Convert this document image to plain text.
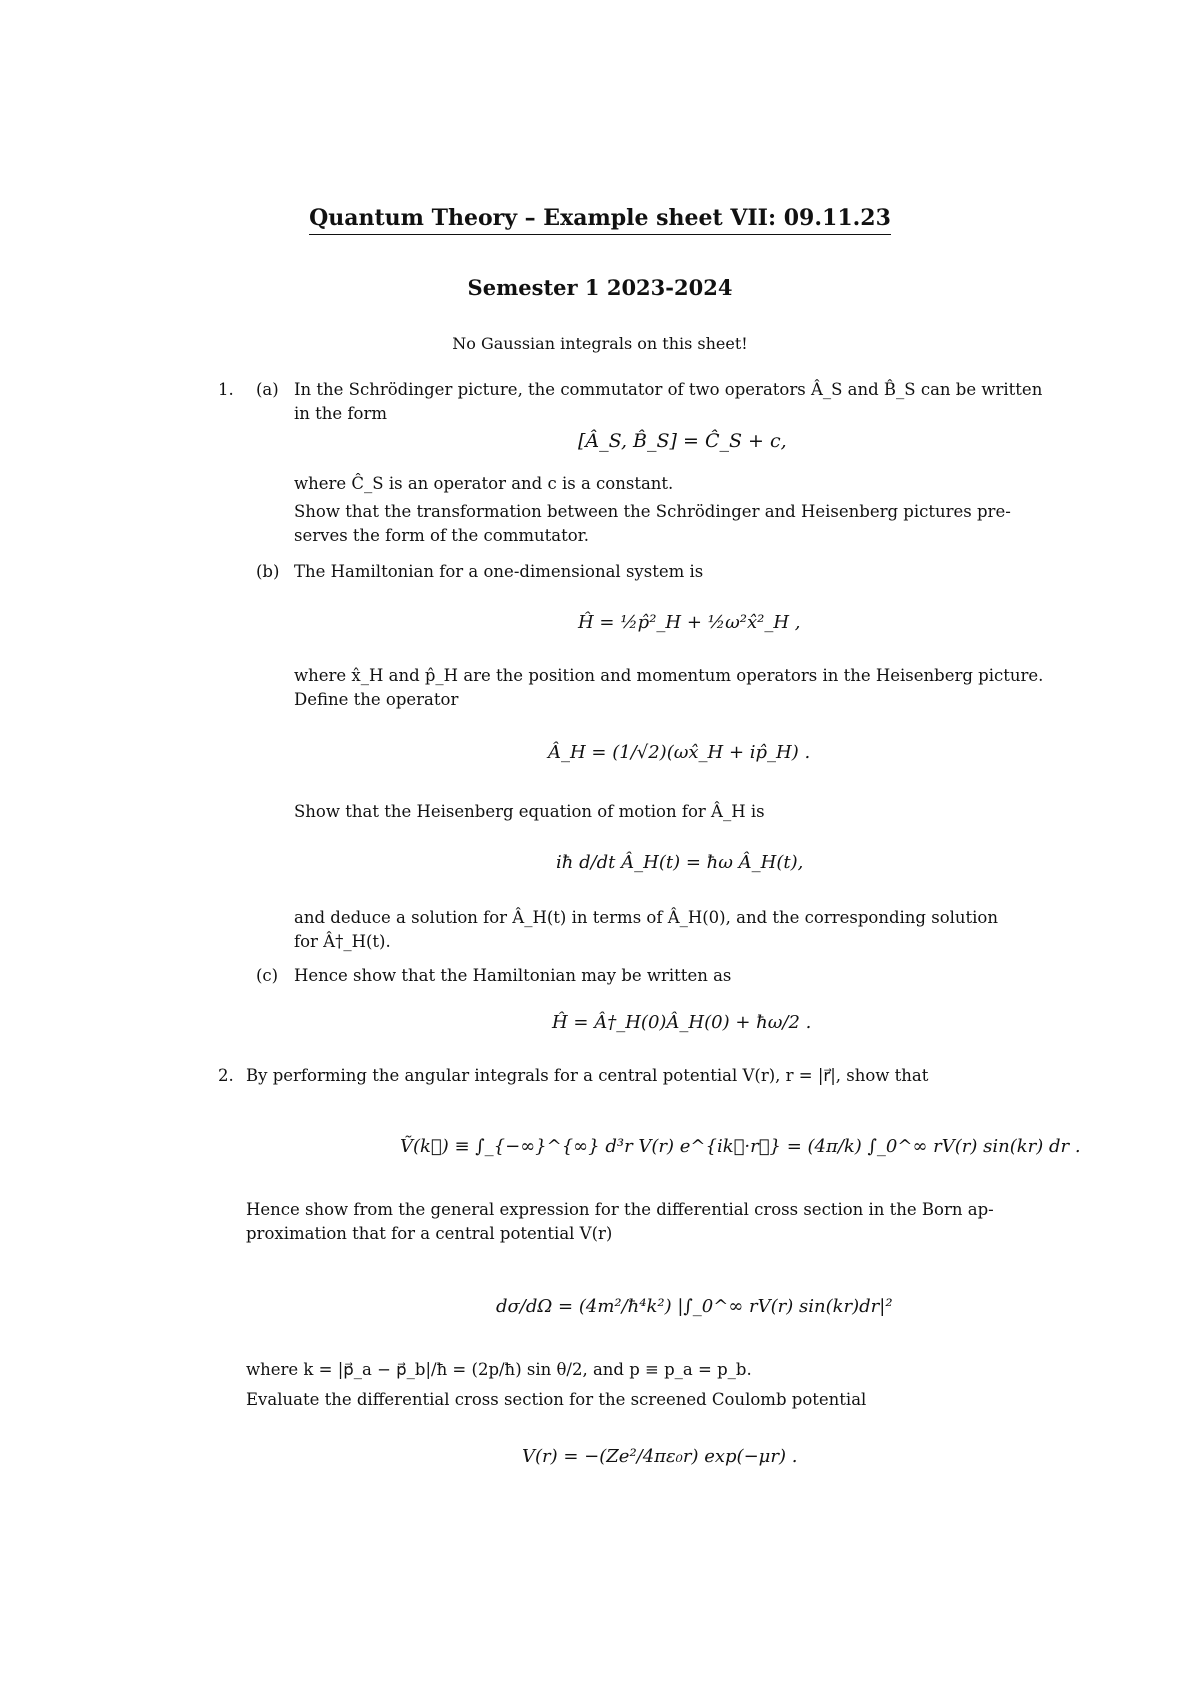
Quantum Theory – Example sheet VII: 09.11.23
Semester 1 2023-2024
No Gaussian integrals on this sheet!
1. (a) In the Schrödinger picture, the commutator of two operators Â_S and B̂_S can be written
in the form
[Â_S, B̂_S] = Ĉ_S + c,
where Ĉ_S is an operator and c is a constant.
Show that the transformation between the Schrödinger and Heisenberg pictures pre-
serves the form of the commutator.
(b) The Hamiltonian for a one-dimensional system is
Ĥ = ½p̂²_H + ½ω²x̂²_H ,
where x̂_H and p̂_H are the position and momentum operators in the Heisenberg picture.
Define the operator
Â_H = (1/√2)(ωx̂_H + ip̂_H) .
Show that the Heisenberg equation of motion for Â_H is
iħ d/dt Â_H(t) = ħω Â_H(t),
and deduce a solution for Â_H(t) in terms of Â_H(0), and the corresponding solution
for Â†_H(t).
(c) Hence show that the Hamiltonian may be written as
Ĥ = Â†_H(0)Â_H(0) + ħω/2 .
2. By performing the angular integrals for a central potential V(r), r = |r⃗|, show that
Ṽ(k⃗) ≡ ∫_{−∞}^{∞} d³r V(r) e^{ik⃗·r⃗} = (4π/k) ∫_0^∞ rV(r) sin(kr) dr .
Hence show from the general expression for the differential cross section in the Born ap-
proximation that for a central potential V(r)
dσ/dΩ = (4m²/ħ⁴k²) |∫_0^∞ rV(r) sin(kr)dr|²
where k = |p⃗_a − p⃗_b|/ħ = (2p/ħ) sin θ/2, and p ≡ p_a = p_b.
Evaluate the differential cross section for the screened Coulomb potential
V(r) = −(Ze²/4πε₀r) exp(−μr) .
